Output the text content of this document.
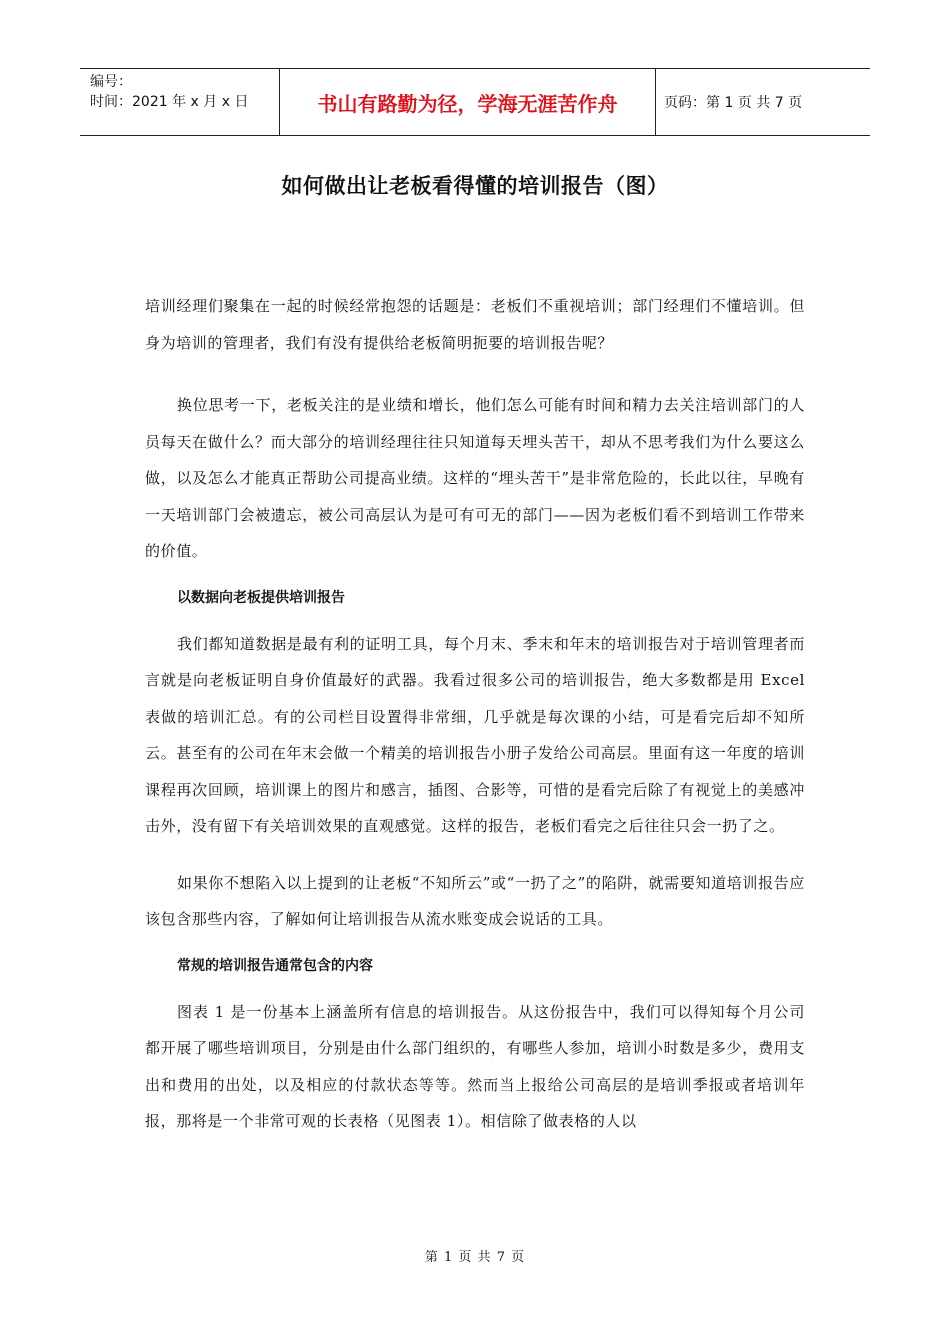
编号：
时间：2021 年 x 月 x 日	书山有路勤为径，学海无涯苦作舟	页码：第 1 页 共 7 页
如何做出让老板看得懂的培训报告（图）

培训经理们聚集在一起的时候经常抱怨的话题是：老板们不重视培训；部门经理们不懂培训。但身为培训的管理者，我们有没有提供给老板简明扼要的培训报告呢？

换位思考一下，老板关注的是业绩和增长，他们怎么可能有时间和精力去关注培训部门的人员每天在做什么？而大部分的培训经理往往只知道每天埋头苦干，却从不思考我们为什么要这么做，以及怎么才能真正帮助公司提高业绩。这样的“埋头苦干”是非常危险的，长此以往，早晚有一天培训部门会被遗忘，被公司高层认为是可有可无的部门——因为老板们看不到培训工作带来的价值。

以数据向老板提供培训报告

我们都知道数据是最有利的证明工具，每个月末、季末和年末的培训报告对于培训管理者而言就是向老板证明自身价值最好的武器。我看过很多公司的培训报告，绝大多数都是用 Excel 表做的培训汇总。有的公司栏目设置得非常细，几乎就是每次课的小结，可是看完后却不知所云。甚至有的公司在年末会做一个精美的培训报告小册子发给公司高层。里面有这一年度的培训课程再次回顾，培训课上的图片和感言，插图、合影等，可惜的是看完后除了有视觉上的美感冲击外，没有留下有关培训效果的直观感觉。这样的报告，老板们看完之后往往只会一扔了之。

如果你不想陷入以上提到的让老板“不知所云”或“一扔了之”的陷阱，就需要知道培训报告应该包含那些内容，了解如何让培训报告从流水账变成会说话的工具。

常规的培训报告通常包含的内容

图表 1 是一份基本上涵盖所有信息的培训报告。从这份报告中，我们可以得知每个月公司都开展了哪些培训项目，分别是由什么部门组织的，有哪些人参加，培训小时数是多少，费用支出和费用的出处，以及相应的付款状态等等。然而当上报给公司高层的是培训季报或者培训年报，那将是一个非常可观的长表格（见图表 1）。相信除了做表格的人以

第 1 页 共 7 页
